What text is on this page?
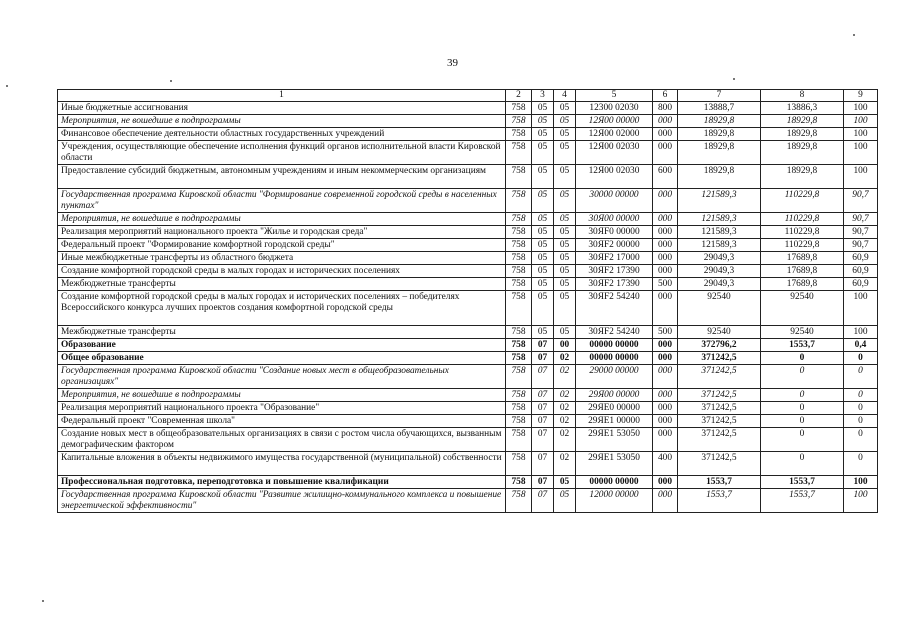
39
1	2	3	4	5	6	7	8	9
Иные бюджетные ассигнования	758	05	05	12300 02030	800	13888,7	13886,3	100
Мероприятия, не вошедшие в подпрограммы	758	05	05	12Я00 00000	000	18929,8	18929,8	100
Финансовое обеспечение деятельности областных государственных учреждений	758	05	05	12Я00 02000	000	18929,8	18929,8	100
Учреждения, осуществляющие обеспечение исполнения функций органов исполнительной власти Кировской области	758	05	05	12Я00 02030	000	18929,8	18929,8	100
Предоставление субсидий бюджетным, автономным учреждениям и иным некоммерческим организациям	758	05	05	12Я00 02030	600	18929,8	18929,8	100
Государственная программа Кировской области "Формирование современной городской среды в населенных пунктах"	758	05	05	30000 00000	000	121589,3	110229,8	90,7
Мероприятия, не вошедшие в подпрограммы	758	05	05	30Я00 00000	000	121589,3	110229,8	90,7
Реализация мероприятий национального проекта "Жилье и городская среда"	758	05	05	30ЯF0 00000	000	121589,3	110229,8	90,7
Федеральный проект "Формирование комфортной городской среды"	758	05	05	30ЯF2 00000	000	121589,3	110229,8	90,7
Иные межбюджетные трансферты из областного бюджета	758	05	05	30ЯF2 17000	000	29049,3	17689,8	60,9
Создание комфортной городской среды в малых городах и исторических поселениях	758	05	05	30ЯF2 17390	000	29049,3	17689,8	60,9
Межбюджетные трансферты	758	05	05	30ЯF2 17390	500	29049,3	17689,8	60,9
Создание комфортной городской среды в малых городах и исторических поселениях – победителях Всероссийского конкурса лучших проектов создания комфортной городской среды	758	05	05	30ЯF2 54240	000	92540	92540	100
Межбюджетные трансферты	758	05	05	30ЯF2 54240	500	92540	92540	100
Образование	758	07	00	00000 00000	000	372796,2	1553,7	0,4
Общее образование	758	07	02	00000 00000	000	371242,5	0	0
Государственная программа Кировской области "Создание новых мест в общеобразовательных организациях"	758	07	02	29000 00000	000	371242,5	0	0
Мероприятия, не вошедшие в подпрограммы	758	07	02	29Я00 00000	000	371242,5	0	0
Реализация мероприятий национального проекта "Образование"	758	07	02	29ЯЕ0 00000	000	371242,5	0	0
Федеральный проект "Современная школа"	758	07	02	29ЯЕ1 00000	000	371242,5	0	0
Создание новых мест в общеобразовательных организациях в связи с ростом числа обучающихся, вызванным демографическим фактором	758	07	02	29ЯЕ1 53050	000	371242,5	0	0
Капитальные вложения в объекты недвижимого имущества государственной (муниципальной) собственности	758	07	02	29ЯЕ1 53050	400	371242,5	0	0
Профессиональная подготовка, переподготовка и повышение квалификации	758	07	05	00000 00000	000	1553,7	1553,7	100
Государственная программа Кировской области "Развитие жилищно-коммунального комплекса и повышение энергетической эффективности"	758	07	05	12000 00000	000	1553,7	1553,7	100
